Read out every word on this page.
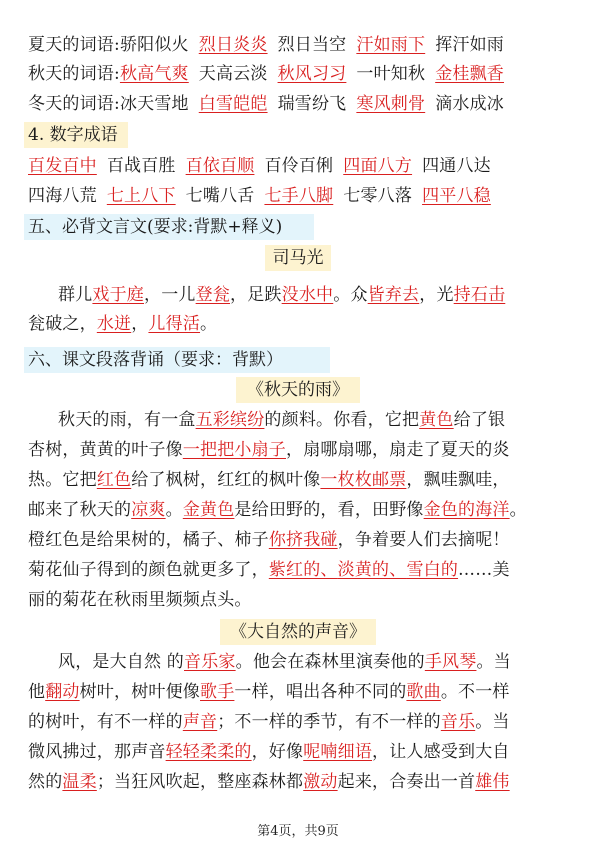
夏天的词语:骄阳似火 烈日炎炎 烈日当空 汗如雨下 挥汗如雨
秋天的词语:秋高气爽 天高云淡 秋风习习 一叶知秋 金桂飘香
冬天的词语:冰天雪地 白雪皑皑 瑞雪纷飞 寒风刺骨 滴水成冰
4. 数字成语
百发百中 百战百胜 百依百顺 百伶百俐 四面八方 四通八达
四海八荒 七上八下 七嘴八舌 七手八脚 七零八落 四平八稳
五、必背文言文(要求:背默+释义)
司马光
群儿戏于庭，一儿登瓮，足跌没水中。众皆弃去，光持石击
瓮破之，水迸，儿得活。
六、课文段落背诵（要求：背默）
《秋天的雨》
秋天的雨，有一盒五彩缤纷的颜料。你看，它把黄色给了银
杏树，黄黄的叶子像一把把小扇子，扇哪扇哪，扇走了夏天的炎
热。它把红色给了枫树，红红的枫叶像一枚枚邮票，飘哇飘哇，
邮来了秋天的凉爽。金黄色是给田野的，看，田野像金色的海洋。
橙红色是给果树的，橘子、柿子你挤我碰，争着要人们去摘呢！
菊花仙子得到的颜色就更多了，紫红的、淡黄的、雪白的……美
丽的菊花在秋雨里频频点头。
《大自然的声音》
风，是大自然 的音乐家。他会在森林里演奏他的手风琴。当
他翻动树叶，树叶便像歌手一样，唱出各种不同的歌曲。不一样
的树叶，有不一样的声音；不一样的季节，有不一样的音乐。当
微风拂过，那声音轻轻柔柔的，好像呢喃细语，让人感受到大自
然的温柔；当狂风吹起，整座森林都激动起来，合奏出一首雄伟
第4页，共9页
